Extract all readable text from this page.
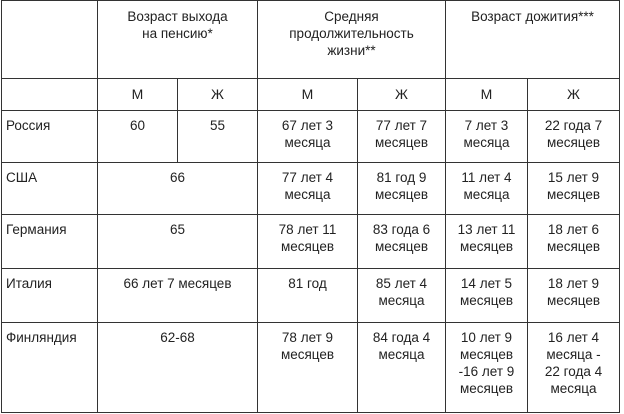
	Возраст выхода
на пенсию*		Средняя
продолжительность
жизни**		Возраст дожития***	

	М	Ж	М	Ж	М	Ж
Россия	60	55	67 лет 3
месяца	77 лет 7
месяцев	7 лет 3
месяца	22 года 7
месяцев

США	66		77 лет 4
месяца	81 год 9
месяцев	11 лет 4
месяца	15 лет 9
месяцев

Германия	65		78 лет 11
месяцев	83 года 6
месяцев	13 лет 11
месяцев	18 лет 6
месяцев

Италия	66 лет 7 месяцев		81 год	85 лет 4
месяца	14 лет 5
месяцев	18 лет 9
месяцев

Финляндия	62-68		78 лет 9
месяцев	84 года 4
месяца	10 лет 9
месяцев
-16 лет 9
месяцев	16 лет 4
месяца -
22 года 4
месяца
